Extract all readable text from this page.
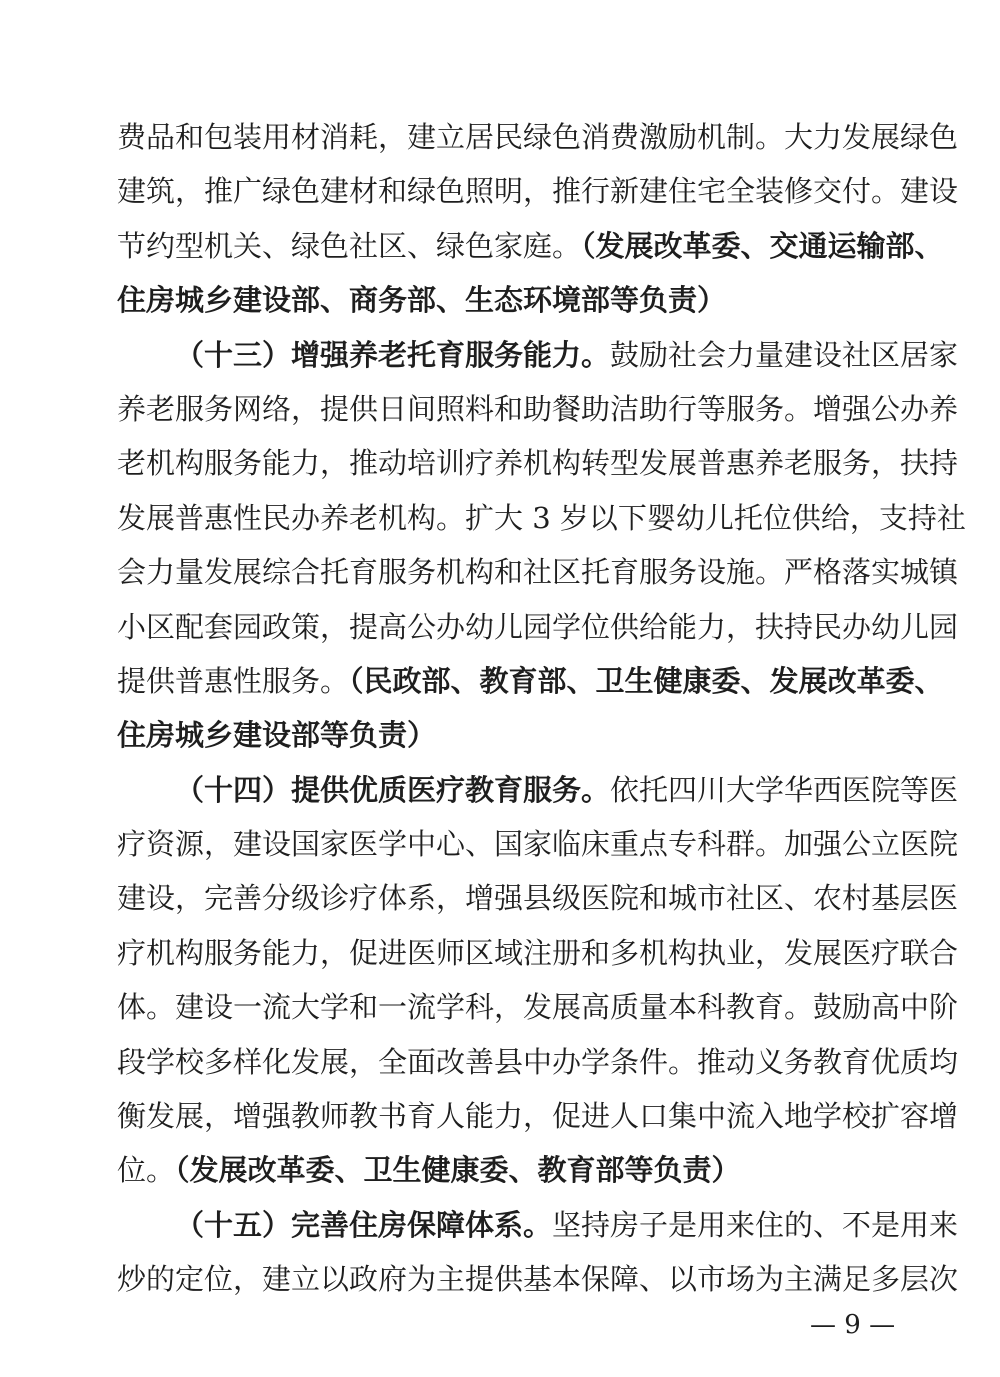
费品和包装用材消耗，建立居民绿色消费激励机制。大力发展绿色
建筑，推广绿色建材和绿色照明，推行新建住宅全装修交付。建设
节约型机关、绿色社区、绿色家庭。（发展改革委、交通运输部、
住房城乡建设部、商务部、生态环境部等负责）
（十三）增强养老托育服务能力。鼓励社会力量建设社区居家
养老服务网络，提供日间照料和助餐助洁助行等服务。增强公办养
老机构服务能力，推动培训疗养机构转型发展普惠养老服务，扶持
发展普惠性民办养老机构。扩大 3 岁以下婴幼儿托位供给，支持社
会力量发展综合托育服务机构和社区托育服务设施。严格落实城镇
小区配套园政策，提高公办幼儿园学位供给能力，扶持民办幼儿园
提供普惠性服务。（民政部、教育部、卫生健康委、发展改革委、
住房城乡建设部等负责）
（十四）提供优质医疗教育服务。依托四川大学华西医院等医
疗资源，建设国家医学中心、国家临床重点专科群。加强公立医院
建设，完善分级诊疗体系，增强县级医院和城市社区、农村基层医
疗机构服务能力，促进医师区域注册和多机构执业，发展医疗联合
体。建设一流大学和一流学科，发展高质量本科教育。鼓励高中阶
段学校多样化发展，全面改善县中办学条件。推动义务教育优质均
衡发展，增强教师教书育人能力，促进人口集中流入地学校扩容增
位。（发展改革委、卫生健康委、教育部等负责）
（十五）完善住房保障体系。坚持房子是用来住的、不是用来
炒的定位，建立以政府为主提供基本保障、以市场为主满足多层次
— 9 —
